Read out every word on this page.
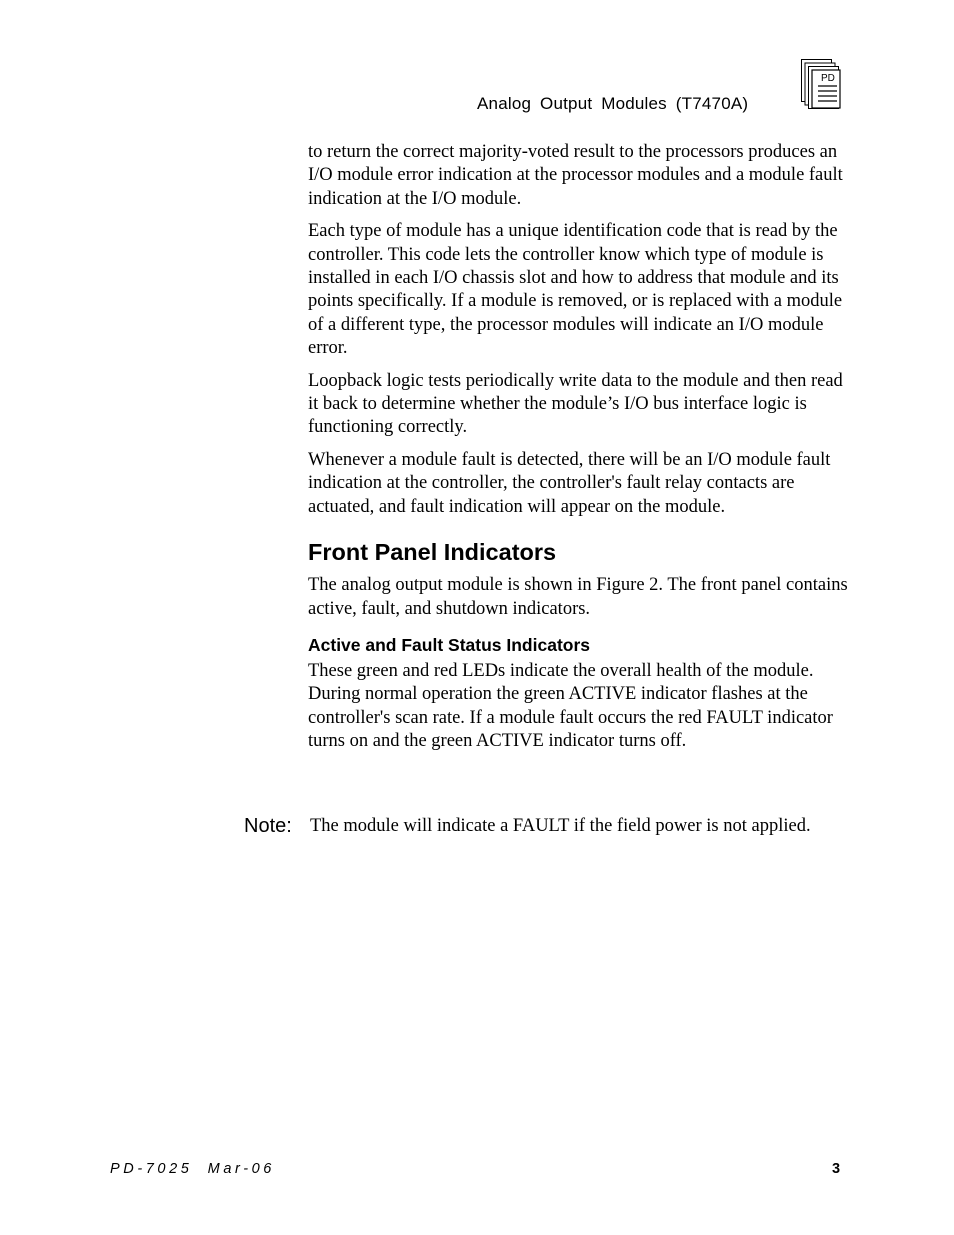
Analog Output Modules (T7470A)
PD

to return the correct majority-voted result to the processors produces an I/O module error indication at the processor modules and a module fault indication at the I/O module.

Each type of module has a unique identification code that is read by the controller. This code lets the controller know which type of module is installed in each I/O chassis slot and how to address that module and its points specifically. If a module is removed, or is replaced with a module of a different type, the processor modules will indicate an I/O module error.

Loopback logic tests periodically write data to the module and then read it back to determine whether the module’s I/O bus interface logic is functioning correctly.

Whenever a module fault is detected, there will be an I/O module fault indication at the controller, the controller's fault relay contacts are actuated, and fault indication will appear on the module.

Front Panel Indicators

The analog output module is shown in Figure 2. The front panel contains active, fault, and shutdown indicators.

Active and Fault Status Indicators

These green and red LEDs indicate the overall health of the module. During normal operation the green ACTIVE indicator flashes at the controller's scan rate. If a module fault occurs the red FAULT indicator turns on and the green ACTIVE indicator turns off.

Note: The module will indicate a FAULT if the field power is not applied.
PD-7025  Mar-06	3
